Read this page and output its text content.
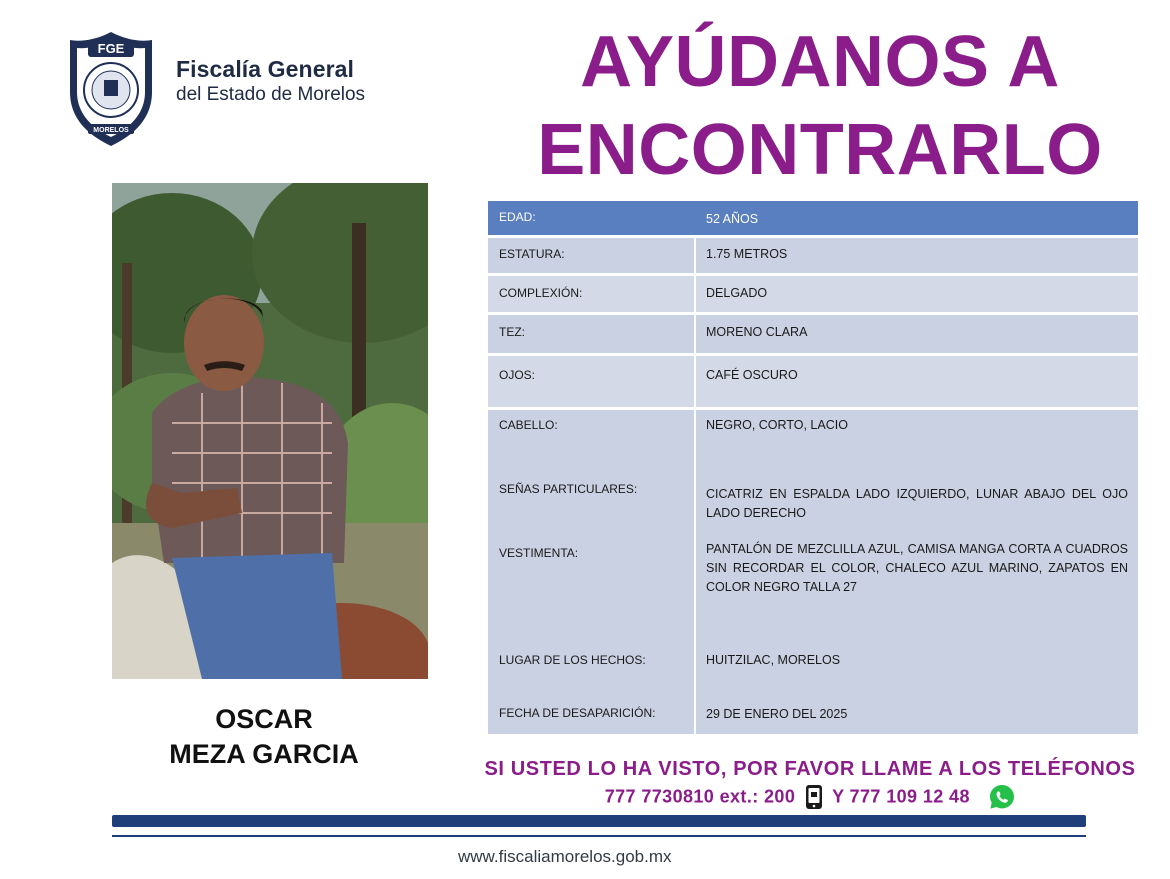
FGE
MORELOS
Fiscalía General
del Estado de Morelos	AYÚDANOS A
ENCONTRARLO
OSCAR
MEZA GARCIA
EDAD:	52 AÑOS
ESTATURA:	1.75 METROS
COMPLEXIÓN:	DELGADO
TEZ:	MORENO CLARA
OJOS:	CAFÉ OSCURO
CABELLO:	NEGRO, CORTO, LACIO
SEÑAS PARTICULARES:	CICATRIZ EN ESPALDA LADO IZQUIERDO, LUNAR ABAJO DEL OJO LADO DERECHO
VESTIMENTA:	PANTALÓN DE MEZCLILLA AZUL, CAMISA MANGA CORTA A CUADROS SIN RECORDAR EL COLOR, CHALECO AZUL MARINO, ZAPATOS EN COLOR NEGRO TALLA 27
LUGAR DE LOS HECHOS:	HUITZILAC, MORELOS
FECHA DE DESAPARICIÓN:	29 DE ENERO DEL 2025
SI USTED LO HA VISTO, POR FAVOR LLAME A LOS TELÉFONOS
777 7730810 ext.: 200 Y 777 109 12 48
www.fiscaliamorelos.gob.mx
